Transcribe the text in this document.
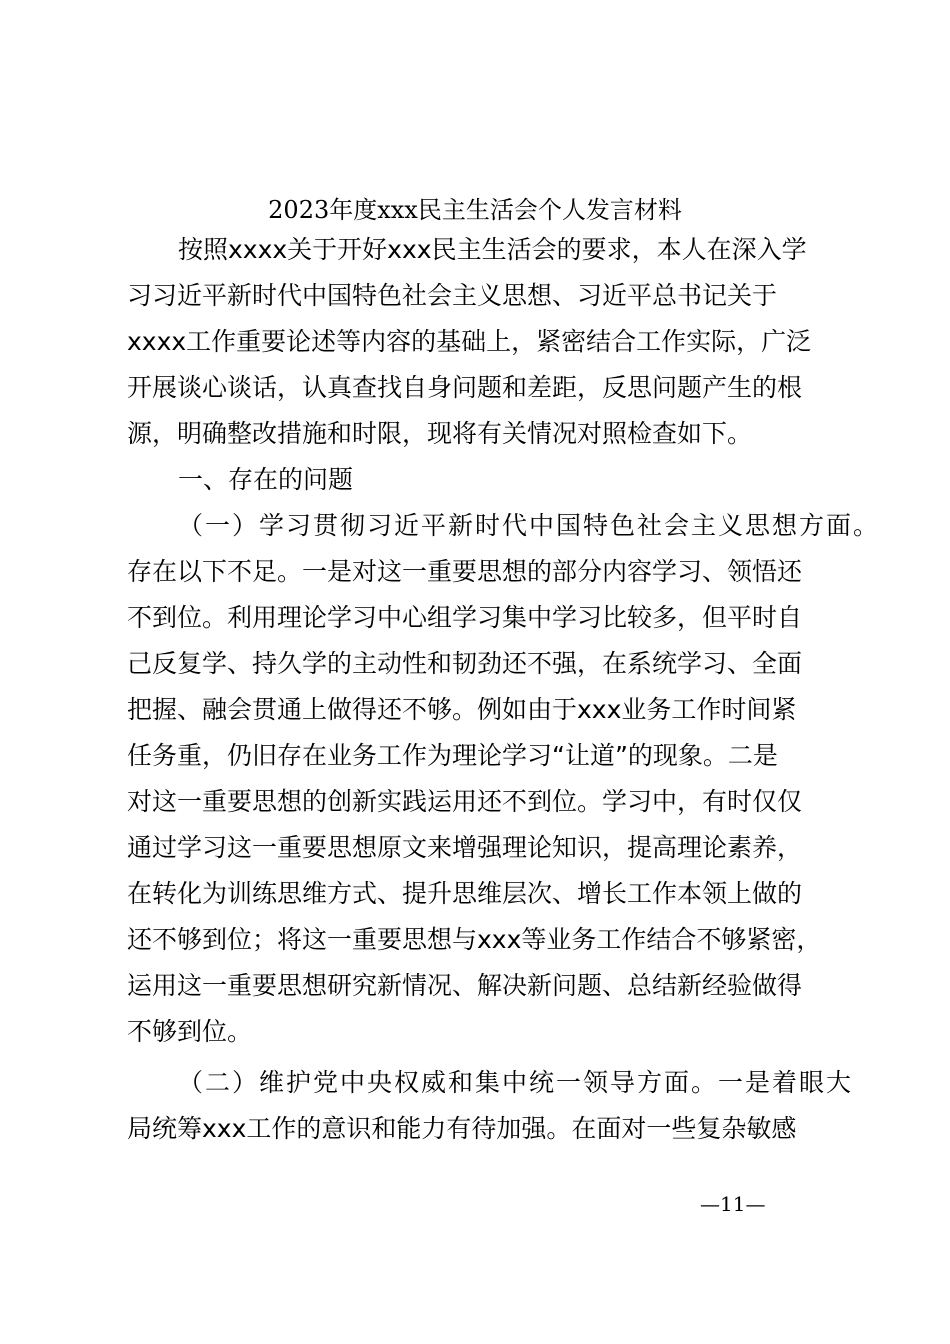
2023年度xxx民主生活会个人发言材料
按照xxxx关于开好xxx民主生活会的要求，本人在深入学
习习近平新时代中国特色社会主义思想、习近平总书记关于
xxxx工作重要论述等内容的基础上，紧密结合工作实际，广泛
开展谈心谈话，认真查找自身问题和差距，反思问题产生的根
源，明确整改措施和时限，现将有关情况对照检查如下。
一、存在的问题
（一）学习贯彻习近平新时代中国特色社会主义思想方面。
存在以下不足。一是对这一重要思想的部分内容学习、领悟还
不到位。利用理论学习中心组学习集中学习比较多，但平时自
己反复学、持久学的主动性和韧劲还不强，在系统学习、全面
把握、融会贯通上做得还不够。例如由于xxx业务工作时间紧
任务重，仍旧存在业务工作为理论学习“让道”的现象。二是
对这一重要思想的创新实践运用还不到位。学习中，有时仅仅
通过学习这一重要思想原文来增强理论知识，提高理论素养，
在转化为训练思维方式、提升思维层次、增长工作本领上做的
还不够到位；将这一重要思想与xxx等业务工作结合不够紧密，
运用这一重要思想研究新情况、解决新问题、总结新经验做得
不够到位。
（二）维护党中央权威和集中统一领导方面。一是着眼大
局统筹xxx工作的意识和能力有待加强。在面对一些复杂敏感
—11—
